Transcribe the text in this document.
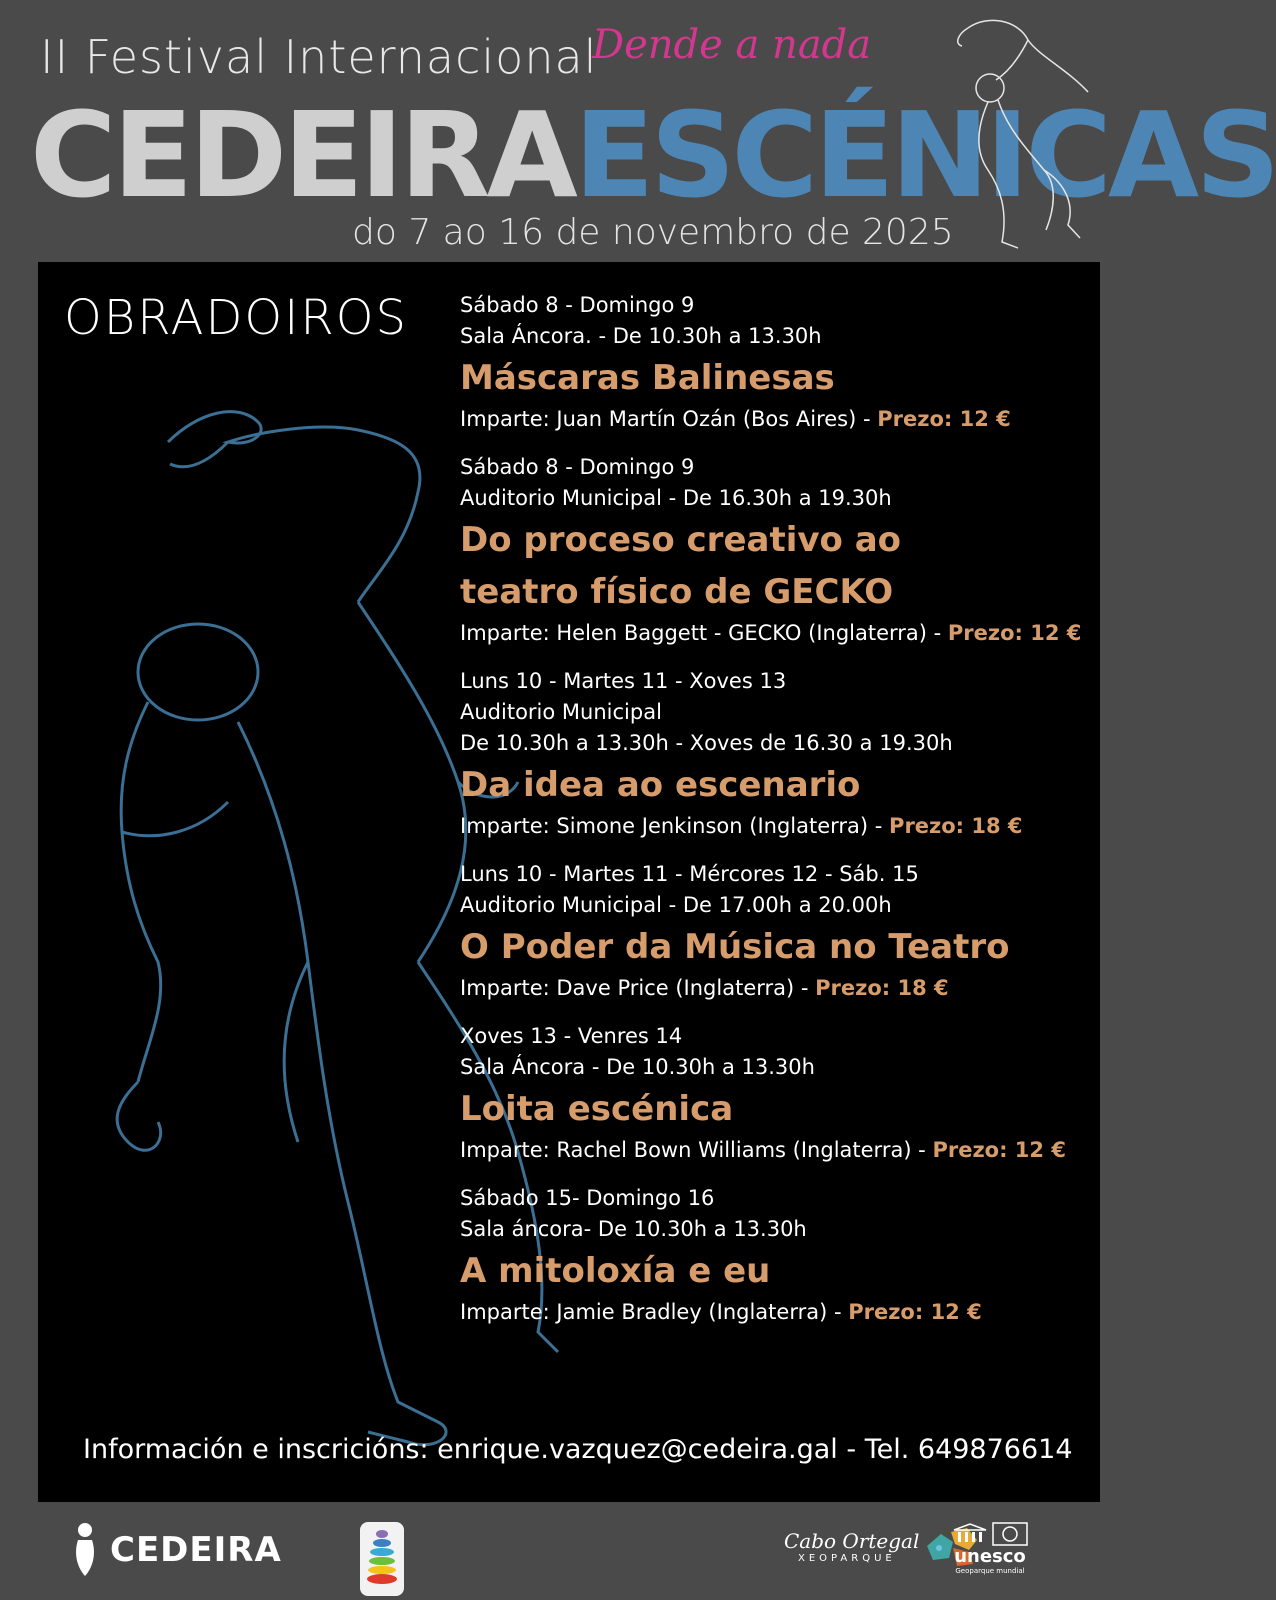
II Festival Internacional
Dende a nada
CEDEIRAESCÉNICAS
do 7 ao 16 de novembro de 2025
OBRADOIROS Sábado 8 - Domingo 9
Sala Áncora. - De 10.30h a 13.30h
Máscaras Balinesas
Imparte: Juan Martín Ozán (Bos Aires) - Prezo: 12 €
Sábado 8 - Domingo 9
Auditorio Municipal - De 16.30h a 19.30h
Do proceso creativo ao
teatro físico de GECKO
Imparte: Helen Baggett - GECKO (Inglaterra) - Prezo: 12 €
Luns 10 - Martes 11 - Xoves 13
Auditorio Municipal
De 10.30h a 13.30h - Xoves de 16.30 a 19.30h
Da idea ao escenario
Imparte: Simone Jenkinson (Inglaterra) - Prezo: 18 €
Luns 10 - Martes 11 - Mércores 12 - Sáb. 15
Auditorio Municipal - De 17.00h a 20.00h
O Poder da Música no Teatro
Imparte: Dave Price (Inglaterra) - Prezo: 18 €
Xoves 13 - Venres 14
Sala Áncora - De 10.30h a 13.30h
Loita escénica
Imparte: Rachel Bown Williams (Inglaterra) - Prezo: 12 €
Sábado 15- Domingo 16
Sala áncora- De 10.30h a 13.30h
A mitoloxía e eu
Imparte: Jamie Bradley (Inglaterra) - Prezo: 12 €
Información e inscricións: enrique.vazquez@cedeira.gal - Tel. 649876614
CEDEIRA	Cabo Ortegal
XEOPARQUE	unesco
Geoparque mundial
